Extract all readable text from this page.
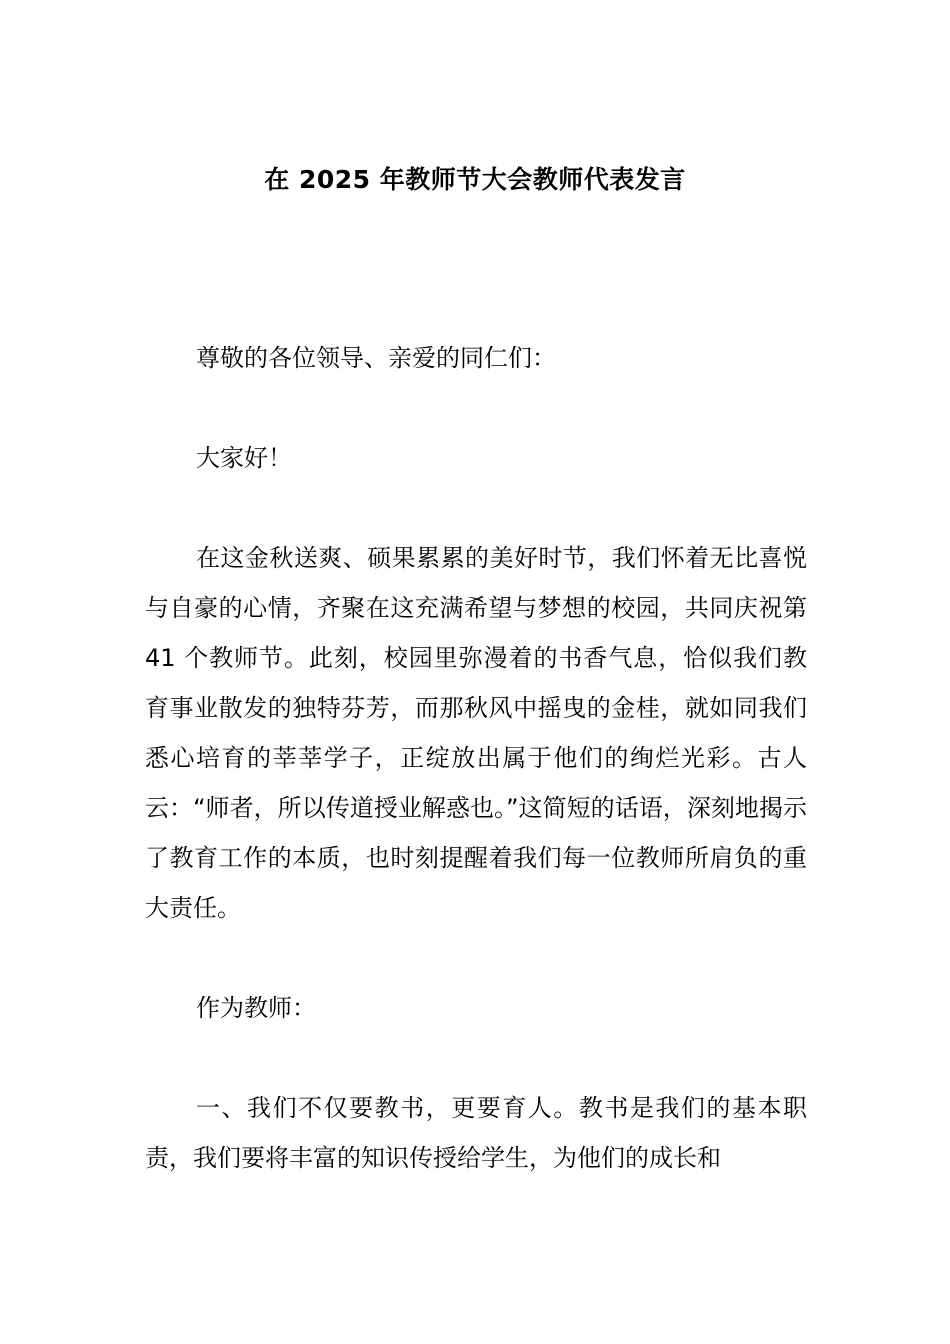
在 2025 年教师节大会教师代表发言

尊敬的各位领导、亲爱的同仁们：

大家好！

在这金秋送爽、硕果累累的美好时节，我们怀着无比喜悦与自豪的心情，齐聚在这充满希望与梦想的校园，共同庆祝第 41 个教师节。此刻，校园里弥漫着的书香气息，恰似我们教育事业散发的独特芬芳，而那秋风中摇曳的金桂，就如同我们悉心培育的莘莘学子，正绽放出属于他们的绚烂光彩。古人云：“师者，所以传道授业解惑也。”这简短的话语，深刻地揭示了教育工作的本质，也时刻提醒着我们每一位教师所肩负的重大责任。

作为教师：

一、我们不仅要教书，更要育人。教书是我们的基本职责，我们要将丰富的知识传授给学生，为他们的成长和
